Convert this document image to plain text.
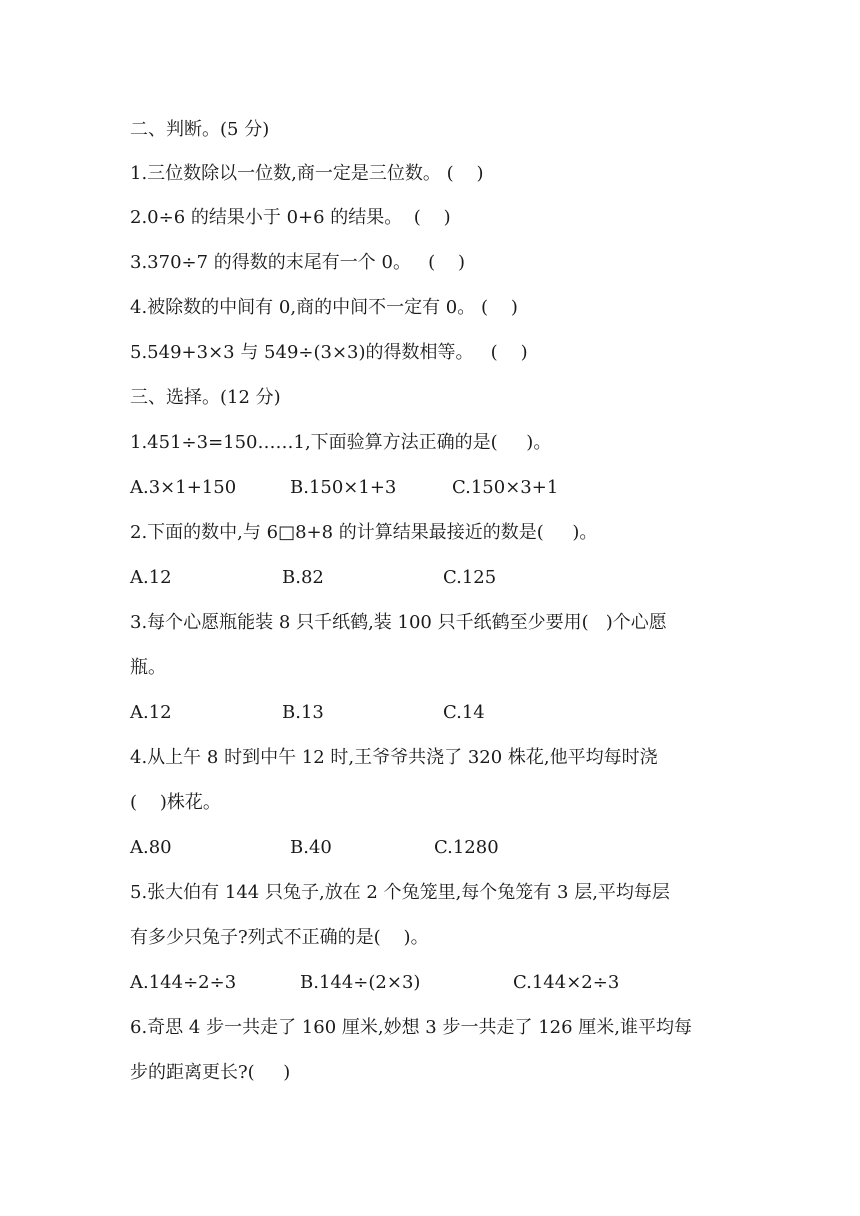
二、判断。(5 分)
1.三位数除以一位数,商一定是三位数。 (    )
2.0÷6 的结果小于 0+6 的结果。  (    )
3.370÷7 的得数的末尾有一个 0。   (    )
4.被除数的中间有 0,商的中间不一定有 0。 (    )
5.549+3×3 与 549÷(3×3)的得数相等。   (    )
三、选择。(12 分)
1.451÷3=150……1,下面验算方法正确的是(     )。
A.3×1+150	B.150×1+3	C.150×3+1
2.下面的数中,与 6□8+8 的计算结果最接近的数是(     )。
A.12	B.82	C.125
3.每个心愿瓶能装 8 只千纸鹤,装 100 只千纸鹤至少要用(   )个心愿
瓶。
A.12	B.13	C.14
4.从上午 8 时到中午 12 时,王爷爷共浇了 320 株花,他平均每时浇
(    )株花。
A.80	B.40	C.1280
5.张大伯有 144 只兔子,放在 2 个兔笼里,每个兔笼有 3 层,平均每层
有多少只兔子?列式不正确的是(    )。
A.144÷2÷3	B.144÷(2×3)	C.144×2÷3
6.奇思 4 步一共走了 160 厘米,妙想 3 步一共走了 126 厘米,谁平均每
步的距离更长?(     )
